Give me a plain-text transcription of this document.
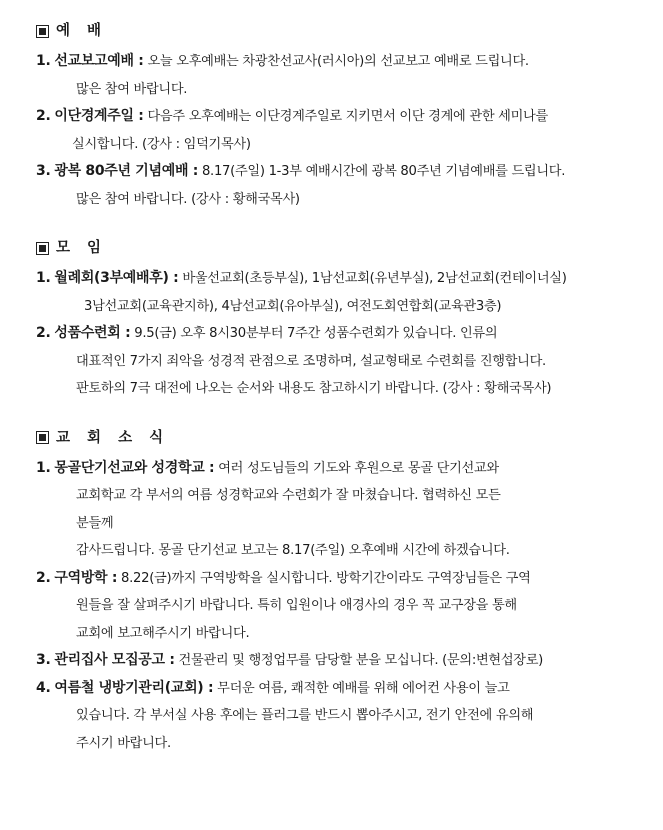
예 배
1. 선교보고예배 : 오늘 오후예배는 차광찬선교사(러시아)의 선교보고 예배로 드립니다.
많은 참여 바랍니다.
2. 이단경계주일 : 다음주 오후예배는 이단경계주일로 지키면서 이단 경계에 관한 세미나를
실시합니다. (강사 : 임덕기목사)
3. 광복 80주년 기념예배 : 8.17(주일) 1-3부 예배시간에 광복 80주년 기념예배를 드립니다.
많은 참여 바랍니다. (강사 : 황해국목사)
모 임
1. 월례회(3부예배후) : 바울선교회(초등부실), 1남선교회(유년부실), 2남선교회(컨테이너실)
3남선교회(교육관지하), 4남선교회(유아부실), 여전도회연합회(교육관3층)
2. 성품수련회 : 9.5(금) 오후 8시30분부터 7주간 성품수련회가 있습니다. 인류의
대표적인 7가지 죄악을 성경적 관점으로 조명하며, 설교형태로 수련회를 진행합니다.
판토하의 7극 대전에 나오는 순서와 내용도 참고하시기 바랍니다. (강사 : 황해국목사)
교 회 소 식
1. 몽골단기선교와 성경학교 : 여러 성도님들의 기도와 후원으로 몽골 단기선교와
교회학교 각 부서의 여름 성경학교와 수련회가 잘 마쳤습니다. 협력하신 모든
분들께
감사드립니다. 몽골 단기선교 보고는 8.17(주일) 오후예배 시간에 하겠습니다.
2. 구역방학 : 8.22(금)까지 구역방학을 실시합니다. 방학기간이라도 구역장님들은 구역
원들을 잘 살펴주시기 바랍니다. 특히 입원이나 애경사의 경우 꼭 교구장을 통해
교회에 보고해주시기 바랍니다.
3. 관리집사 모집공고 : 건물관리 및 행정업무를 담당할 분을 모십니다. (문의:변현섭장로)
4. 여름철 냉방기관리(교회) : 무더운 여름, 쾌적한 예배를 위해 에어컨 사용이 늘고
있습니다. 각 부서실 사용 후에는 플러그를 반드시 뽑아주시고, 전기 안전에 유의해
주시기 바랍니다.
